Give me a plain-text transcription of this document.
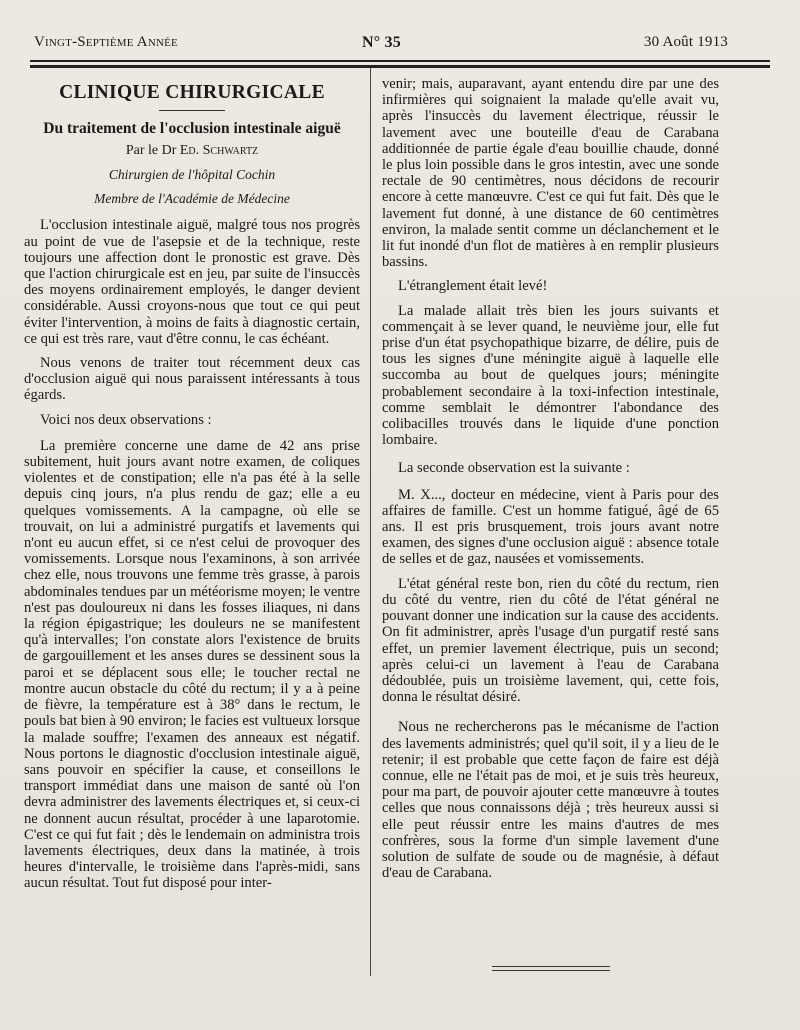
Vingt-Septième Année	N° 35	30 Août 1913
CLINIQUE CHIRURGICALE
Du traitement de l'occlusion intestinale aiguë

Par le Dr Ed. Schwartz

Chirurgien de l'hôpital Cochin

Membre de l'Académie de Médecine

L'occlusion intestinale aiguë, malgré tous nos progrès au point de vue de l'asepsie et de la technique, reste toujours une affection dont le pronostic est grave. Dès que l'action chirurgicale est en jeu, par suite de l'insuccès des moyens ordinairement employés, le danger devient considérable. Aussi croyons-nous que tout ce qui peut éviter l'intervention, à moins de faits à diagnostic certain, ce qui est très rare, vaut d'être connu, le cas échéant.

Nous venons de traiter tout récemment deux cas d'occlusion aiguë qui nous paraissent intéressants à tous égards.

Voici nos deux observations :

La première concerne une dame de 42 ans prise subitement, huit jours avant notre examen, de coliques violentes et de constipation; elle n'a pas été à la selle depuis cinq jours, n'a plus rendu de gaz; elle a eu quelques vomissements. A la campagne, où elle se trouvait, on lui a administré purgatifs et lavements qui n'ont eu aucun effet, si ce n'est celui de provoquer des vomissements. Lorsque nous l'examinons, à son arrivée chez elle, nous trouvons une femme très grasse, à parois abdominales tendues par un météorisme moyen; le ventre n'est pas douloureux ni dans les fosses iliaques, ni dans la région épigastrique; les douleurs ne se manifestent qu'à intervalles; l'on constate alors l'existence de bruits de gargouillement et les anses dures se dessinent sous la paroi et se déplacent sous elle; le toucher rectal ne montre aucun obstacle du côté du rectum; il y a à peine de fièvre, la température est à 38° dans le rectum, le pouls bat bien à 90 environ; le facies est vultueux lorsque la malade souffre; l'examen des anneaux est négatif. Nous portons le diagnostic d'occlusion intestinale aiguë, sans pouvoir en spécifier la cause, et conseillons le transport immédiat dans une maison de santé où l'on devra administrer des lavements électriques et, si ceux-ci ne donnent aucun résultat, procéder à une laparotomie. C'est ce qui fut fait ; dès le lendemain on administra trois lavements électriques, deux dans la matinée, à trois heures d'intervalle, le troisième dans l'après-midi, sans aucun résultat. Tout fut disposé pour inter-

venir; mais, auparavant, ayant entendu dire par une des infirmières qui soignaient la malade qu'elle avait vu, après l'insuccès du lavement électrique, réussir le lavement avec une bouteille d'eau de Carabana additionnée de partie égale d'eau bouillie chaude, donné le plus loin possible dans le gros intestin, avec une sonde rectale de 90 centimètres, nous décidons de recourir encore à cette manœuvre. C'est ce qui fut fait. Dès que le lavement fut donné, à une distance de 60 centimètres environ, la malade sentit comme un déclanchement et le lit fut inondé d'un flot de matières à en remplir plusieurs bassins.

L'étranglement était levé!

La malade allait très bien les jours suivants et commençait à se lever quand, le neuvième jour, elle fut prise d'un état psychopathique bizarre, de délire, puis de tous les signes d'une méningite aiguë à laquelle elle succomba au bout de quelques jours; méningite probablement secondaire à la toxi-infection intestinale, comme semblait le démontrer l'abondance des colibacilles trouvés dans le liquide d'une ponction lombaire.

La seconde observation est la suivante :

M. X..., docteur en médecine, vient à Paris pour des affaires de famille. C'est un homme fatigué, âgé de 65 ans. Il est pris brusquement, trois jours avant notre examen, des signes d'une occlusion aiguë : absence totale de selles et de gaz, nausées et vomissements.

L'état général reste bon, rien du côté du rectum, rien du côté du ventre, rien du côté de l'état général ne pouvant donner une indication sur la cause des accidents. On fit administrer, après l'usage d'un purgatif resté sans effet, un premier lavement électrique, puis un second; après celui-ci un lavement à l'eau de Carabana dédoublée, puis un troisième lavement, qui, cette fois, donna le résultat désiré.

Nous ne rechercherons pas le mécanisme de l'action des lavements administrés; quel qu'il soit, il y a lieu de le retenir; il est probable que cette façon de faire est déjà connue, elle ne l'était pas de moi, et je suis très heureux, pour ma part, de pouvoir ajouter cette manœuvre à toutes celles que nous connaissons déjà ; très heureux aussi si elle peut réussir entre les mains d'autres de mes confrères, sous la forme d'un simple lavement d'une solution de sulfate de soude ou de magnésie, à défaut d'eau de Carabana.
